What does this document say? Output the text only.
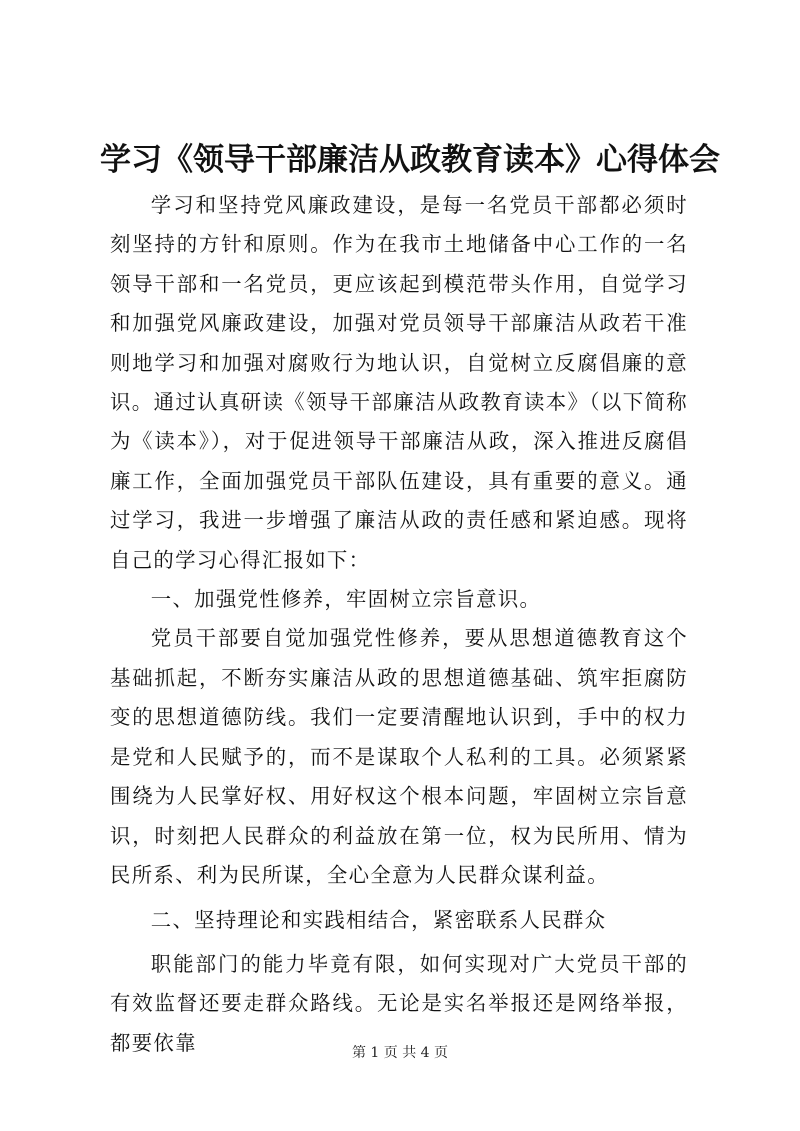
学习《领导干部廉洁从政教育读本》心得体会

学习和坚持党风廉政建设，是每一名党员干部都必须时刻坚持的方针和原则。作为在我市土地储备中心工作的一名领导干部和一名党员，更应该起到模范带头作用，自觉学习和加强党风廉政建设，加强对党员领导干部廉洁从政若干准则地学习和加强对腐败行为地认识，自觉树立反腐倡廉的意识。通过认真研读《领导干部廉洁从政教育读本》（以下简称为《读本》），对于促进领导干部廉洁从政，深入推进反腐倡廉工作，全面加强党员干部队伍建设，具有重要的意义。通过学习，我进一步增强了廉洁从政的责任感和紧迫感。现将自己的学习心得汇报如下：

一、加强党性修养，牢固树立宗旨意识。

党员干部要自觉加强党性修养，要从思想道德教育这个基础抓起，不断夯实廉洁从政的思想道德基础、筑牢拒腐防变的思想道德防线。我们一定要清醒地认识到，手中的权力是党和人民赋予的，而不是谋取个人私利的工具。必须紧紧围绕为人民掌好权、用好权这个根本问题，牢固树立宗旨意识，时刻把人民群众的利益放在第一位，权为民所用、情为民所系、利为民所谋，全心全意为人民群众谋利益。

二、坚持理论和实践相结合，紧密联系人民群众

职能部门的能力毕竟有限，如何实现对广大党员干部的有效监督还要走群众路线。无论是实名举报还是网络举报，都要依靠	第 1 页 共 4 页
